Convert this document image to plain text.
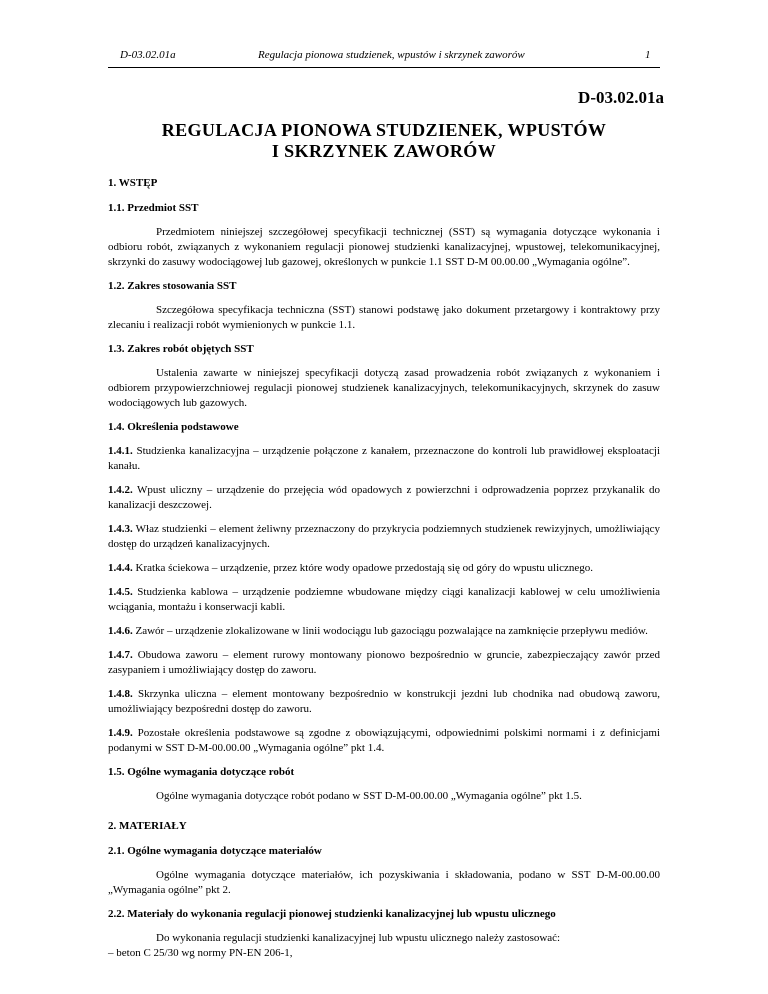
D-03.02.01a	Regulacja pionowa studzienek, wpustów i skrzynek zaworów	1
D-03.02.01a
REGULACJA PIONOWA STUDZIENEK, WPUSTÓW
I SKRZYNEK ZAWORÓW
1. WSTĘP
1.1. Przedmiot SST

Przedmiotem niniejszej szczegółowej specyfikacji technicznej (SST) są wymagania dotyczące wykonania i odbioru robót, związanych z wykonaniem regulacji pionowej studzienki kanalizacyjnej, wpustowej, telekomunikacyjnej, skrzynki do zasuwy wodociągowej lub gazowej, określonych w punkcie 1.1 SST D-M 00.00.00 „Wymagania ogólne”.

1.2. Zakres stosowania SST

Szczegółowa specyfikacja techniczna (SST) stanowi podstawę jako dokument przetargowy i kontraktowy przy zlecaniu i realizacji robót wymienionych w punkcie 1.1.

1.3. Zakres robót objętych SST

Ustalenia zawarte w niniejszej specyfikacji dotyczą zasad prowadzenia robót związanych z wykonaniem i odbiorem przypowierzchniowej regulacji pionowej studzienek kanalizacyjnych, telekomunikacyjnych, skrzynek do zasuw wodociągowych lub gazowych.

1.4. Określenia podstawowe

1.4.1. Studzienka kanalizacyjna – urządzenie połączone z kanałem, przeznaczone do kontroli lub prawidłowej eksploatacji kanału.

1.4.2. Wpust uliczny – urządzenie do przejęcia wód opadowych z powierzchni i odprowadzenia poprzez przykanalik do kanalizacji deszczowej.

1.4.3. Właz studzienki – element żeliwny przeznaczony do przykrycia podziemnych studzienek rewizyjnych, umożliwiający dostęp do urządzeń kanalizacyjnych.

1.4.4. Kratka ściekowa – urządzenie, przez które wody opadowe przedostają się od góry do wpustu ulicznego.

1.4.5. Studzienka kablowa – urządzenie podziemne wbudowane między ciągi kanalizacji kablowej w celu umożliwienia wciągania, montażu i konserwacji kabli.

1.4.6. Zawór – urządzenie zlokalizowane w linii wodociągu lub gazociągu pozwalające na zamknięcie przepływu mediów.

1.4.7. Obudowa zaworu – element rurowy montowany pionowo bezpośrednio w gruncie, zabezpieczający zawór przed zasypaniem i umożliwiający dostęp do zaworu.

1.4.8. Skrzynka uliczna – element montowany bezpośrednio w konstrukcji jezdni lub chodnika nad obudową zaworu, umożliwiający bezpośredni dostęp do zaworu.

1.4.9. Pozostałe określenia podstawowe są zgodne z obowiązującymi, odpowiednimi polskimi normami i z definicjami podanymi w SST D-M-00.00.00 „Wymagania ogólne” pkt 1.4.

1.5. Ogólne wymagania dotyczące robót

Ogólne wymagania dotyczące robót podano w SST D-M-00.00.00 „Wymagania ogólne” pkt 1.5.

2. MATERIAŁY
2.1. Ogólne wymagania dotyczące materiałów

Ogólne wymagania dotyczące materiałów, ich pozyskiwania i składowania, podano w SST D-M-00.00.00 „Wymagania ogólne” pkt 2.

2.2. Materiały do wykonania regulacji pionowej studzienki kanalizacyjnej lub wpustu ulicznego

Do wykonania regulacji studzienki kanalizacyjnej lub wpustu ulicznego należy zastosować:

– beton C 25/30 wg normy PN-EN 206-1,
